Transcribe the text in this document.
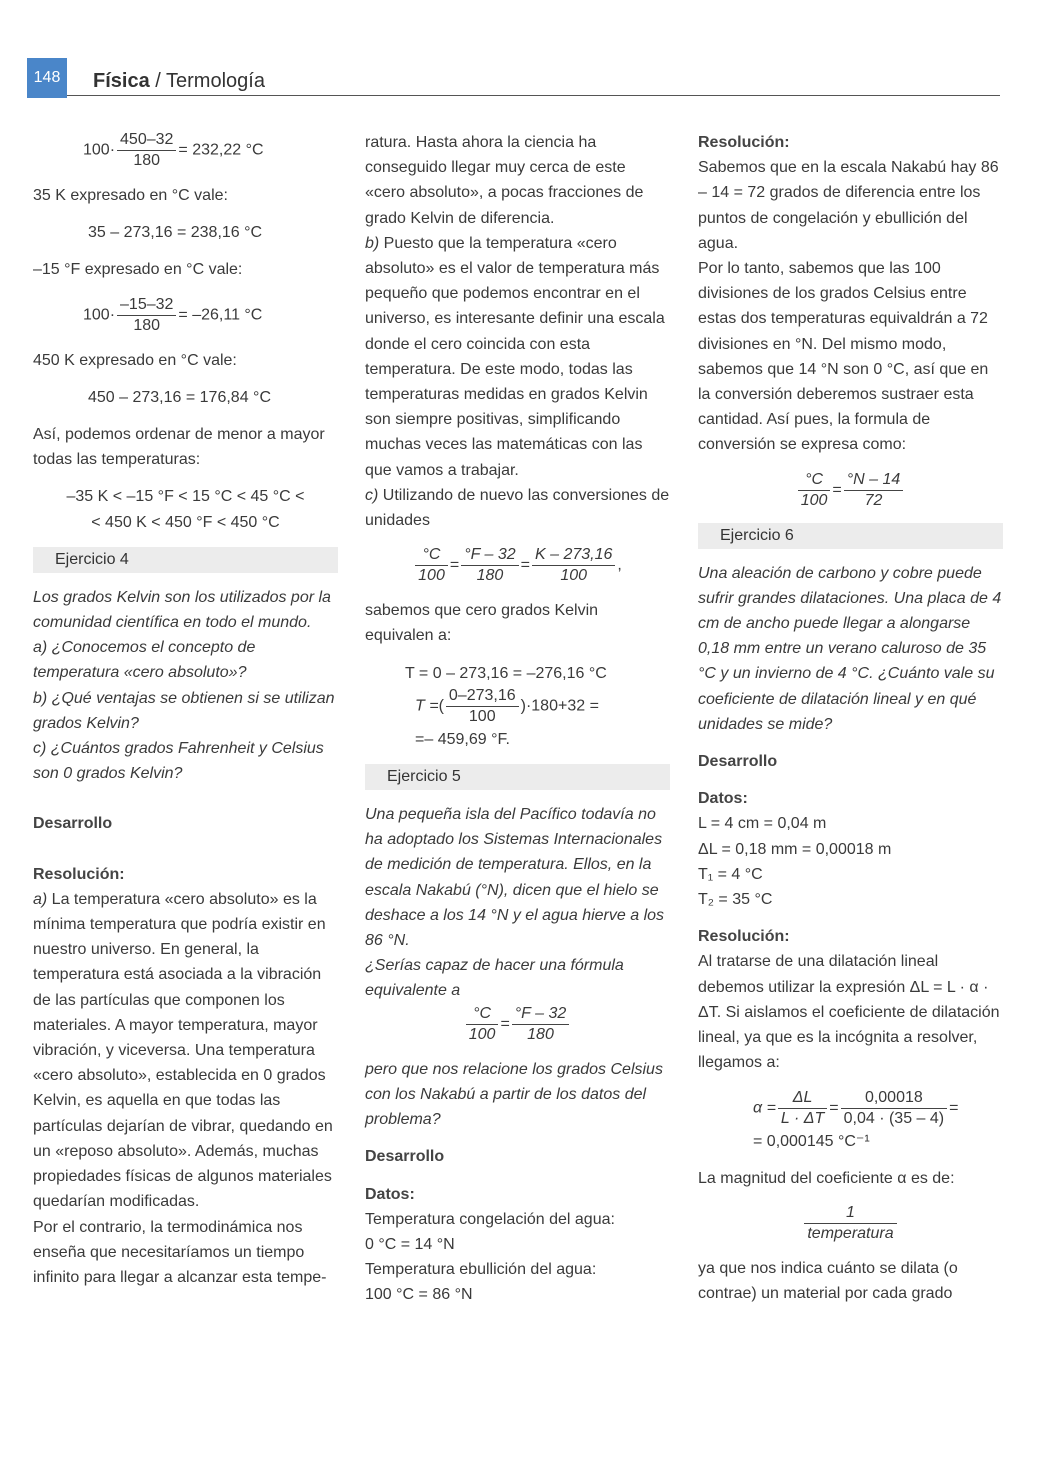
148	Física / Termología
$100\cdot \frac{450-32}{180} = 232,22$ °C

35 K expresado en °C vale:

35 – 273,16 = 238,16 °C

–15 °F expresado en °C vale:

$100\cdot \frac{-15-32}{180} = -26,11$ °C

450 K expresado en °C vale:

450 – 273,16 = 176,84 °C

Así, podemos ordenar de menor a mayor todas las temperaturas:

–35 K < –15 °F < 15 °C < 45 °C <

< 450 K < 450 °F < 450 °C

Ejercicio 4

Los grados Kelvin son los utilizados por la comunidad científica en todo el mundo.

a) ¿Conocemos el concepto de temperatura «cero absoluto»?

b) ¿Qué ventajas se obtienen si se utilizan grados Kelvin?

c) ¿Cuántos grados Fahrenheit y Celsius son 0 grados Kelvin?

Desarrollo

Resolución:

a) La temperatura «cero absoluto» es la mínima temperatura que podría existir en nuestro universo. En general, la temperatura está asociada a la vibración de las partículas que componen los materiales. A mayor temperatura, mayor vibración, y viceversa. Una temperatura «cero absoluto», establecida en 0 grados Kelvin, es aquella en que todas las partículas dejarían de vibrar, quedando en un «reposo absoluto». Además, muchas propiedades físicas de algunos materiales quedarían modificadas.

Por el contrario, la termodinámica nos enseña que necesitaríamos un tiempo infinito para llegar a alcanzar esta tempe-

ratura. Hasta ahora la ciencia ha conseguido llegar muy cerca de este «cero absoluto», a pocas fracciones de grado Kelvin de diferencia.

b) Puesto que la temperatura «cero absoluto» es el valor de temperatura más pequeño que podemos encontrar en el universo, es interesante definir una escala donde el cero coincida con esta temperatura. De este modo, todas las temperaturas medidas en grados Kelvin son siempre positivas, simplificando muchas veces las matemáticas con las que vamos a trabajar.

c) Utilizando de nuevo las conversiones de unidades

$\frac{^\circ C}{100} = \frac{^\circ F - 32}{180} = \frac{K - 273,16}{100}$ ,

sabemos que cero grados Kelvin equivalen a:

T = 0 – 273,16 = –276,16 °C

T =( $\frac{0-273,16}{100} )\cdot 180+32$ =

=– 459,69 °F.

Ejercicio 5

Una pequeña isla del Pacífico todavía no ha adoptado los Sistemas Internacionales de medición de temperatura. Ellos, en la escala Nakabú (°N), dicen que el hielo se deshace a los 14 °N y el agua hierve a los 86 °N.

¿Serías capaz de hacer una fórmula equivalente a

$\frac{^\circ C}{100} = \frac{^\circ F - 32}{180}$

pero que nos relacione los grados Celsius con los Nakabú a partir de los datos del problema?

Desarrollo

Datos:

Temperatura congelación del agua:

0 °C = 14 °N

Temperatura ebullición del agua:

100 °C = 86 °N

Resolución:

Sabemos que en la escala Nakabú hay 86 – 14 = 72 grados de diferencia entre los puntos de congelación y ebullición del agua.

Por lo tanto, sabemos que las 100 divisiones de los grados Celsius entre estas dos temperaturas equivaldrán a 72 divisiones en °N. Del mismo modo, sabemos que 14 °N son 0 °C, así que en la conversión deberemos sustraer esta cantidad. Así pues, la formula de conversión se expresa como:

$\frac{^\circ C}{100} = \frac{^\circ N - 14}{72}$
Ejercicio 6

Una aleación de carbono y cobre puede sufrir grandes dilataciones. Una placa de 4 cm de ancho puede llegar a alongarse 0,18 mm entre un verano caluroso de 35 °C y un invierno de 4 °C. ¿Cuánto vale su coeficiente de dilatación lineal y en qué unidades se mide?

Desarrollo

Datos:

L = 4 cm = 0,04 m

ΔL = 0,18 mm = 0,00018 m

T₁ = 4 °C

T₂ = 35 °C

Resolución:

Al tratarse de una dilatación lineal debemos utilizar la expresión ΔL = L · α · ΔT. Si aislamos el coeficiente de dilatación lineal, ya que es la incógnita a resolver, llegamos a:

$\alpha = \frac{\Delta L}{L \cdot \Delta T} = \frac{0,00018}{0,04 \cdot (35 - 4)}$ =

= 0,000145 °C⁻¹

La magnitud del coeficiente α es de:

$\frac{1}{\text{temperatura}}$

ya que nos indica cuánto se dilata (o contrae) un material por cada grado
